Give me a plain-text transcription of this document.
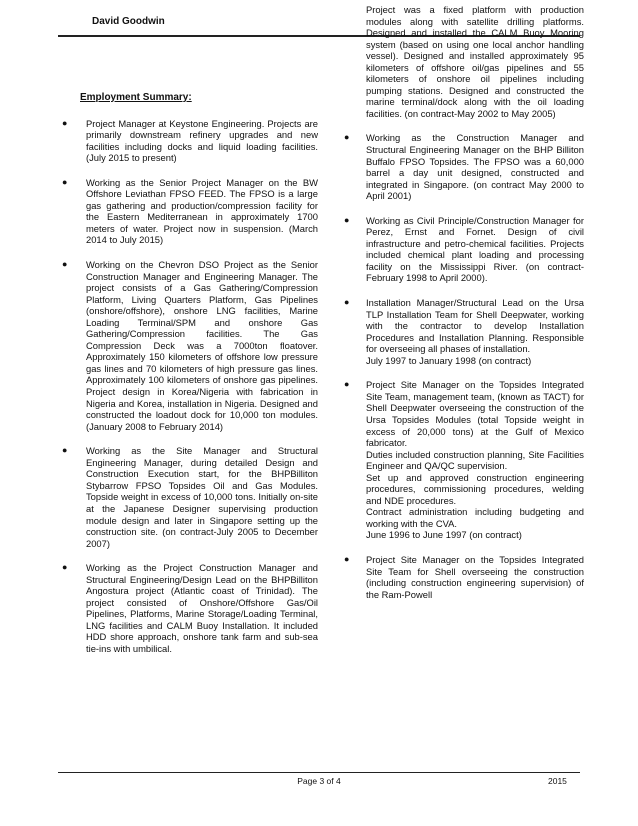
David Goodwin
Employment Summary:
● Project Manager at Keystone Engineering. Projects are primarily downstream refinery upgrades and new facilities including docks and liquid loading facilities. (July 2015 to present)
● Working as the Senior Project Manager on the BW Offshore Leviathan FPSO FEED. The FPSO is a large gas gathering and production/compression facility for the Eastern Mediterranean in approximately 1700 meters of water. Project now in suspension. (March 2014 to July 2015)
● Working on the Chevron DSO Project as the Senior Construction Manager and Engineering Manager. The project consists of a Gas Gathering/Compression Platform, Living Quarters Platform, Gas Pipelines (onshore/offshore), onshore LNG facilities, Marine Loading Terminal/SPM and onshore Gas Gathering/Compression facilities. The Gas Compression Deck was a 7000ton floatover. Approximately 150 kilometers of offshore low pressure gas lines and 70 kilometers of high pressure gas lines. Approximately 100 kilometers of onshore gas pipelines. Project design in Korea/Nigeria with fabrication in Nigeria and Korea, installation in Nigeria. Designed and constructed the loadout dock for 10,000 ton modules. (January 2008 to February 2014)
● Working as the Site Manager and Structural Engineering Manager, during detailed Design and Construction Execution start, for the BHPBilliton Stybarrow FPSO Topsides Oil and Gas Modules. Topside weight in excess of 10,000 tons. Initially on-site at the Japanese Designer supervising production module design and later in Singapore setting up the construction site. (on contract-July 2005 to December 2007)
● Working as the Project Construction Manager and Structural Engineering/Design Lead on the BHPBilliton Angostura project (Atlantic coast of Trinidad). The project consisted of Onshore/Offshore Gas/Oil Pipelines, Platforms, Marine Storage/Loading Terminal, LNG facilities and CALM Buoy Installation. It included HDD shore approach, onshore tank farm and sub-sea tie-ins with umbilical.
Project was a fixed platform with production modules along with satellite drilling platforms. Designed and installed the CALM Buoy Mooring system (based on using one local anchor handling vessel). Designed and installed approximately 95 kilometers of offshore oil/gas pipelines and 55 kilometers of onshore oil pipelines including pumping stations. Designed and constructed the marine terminal/dock along with the oil loading facilities. (on contract-May 2002 to May 2005)
● Working as the Construction Manager and Structural Engineering Manager on the BHP Billiton Buffalo FPSO Topsides. The FPSO was a 60,000 barrel a day unit designed, constructed and integrated in Singapore. (on contract May 2000 to April 2001)
● Working as Civil Principle/Construction Manager for Perez, Ernst and Fornet. Design of civil infrastructure and petro-chemical facilities. Projects included chemical plant loading and processing facility on the Mississippi River. (on contract-February 1998 to April 2000).
● Installation Manager/Structural Lead on the Ursa TLP Installation Team for Shell Deepwater, working with the contractor to develop Installation Procedures and Installation Planning. Responsible for overseeing all phases of installation.
July 1997 to January 1998 (on contract)
● Project Site Manager on the Topsides Integrated Site Team, management team, (known as TACT) for Shell Deepwater overseeing the construction of the Ursa Topsides Modules (total Topside weight in excess of 20,000 tons) at the Gulf of Mexico fabricator.
Duties included construction planning, Site Facilities Engineer and QA/QC supervision.
Set up and approved construction engineering procedures, commissioning procedures, welding and NDE procedures.
Contract administration including budgeting and working with the CVA.
June 1996 to June 1997 (on contract)
● Project Site Manager on the Topsides Integrated Site Team for Shell overseeing the construction (including construction engineering supervision) of the Ram-Powell
Page 3 of 4	2015
